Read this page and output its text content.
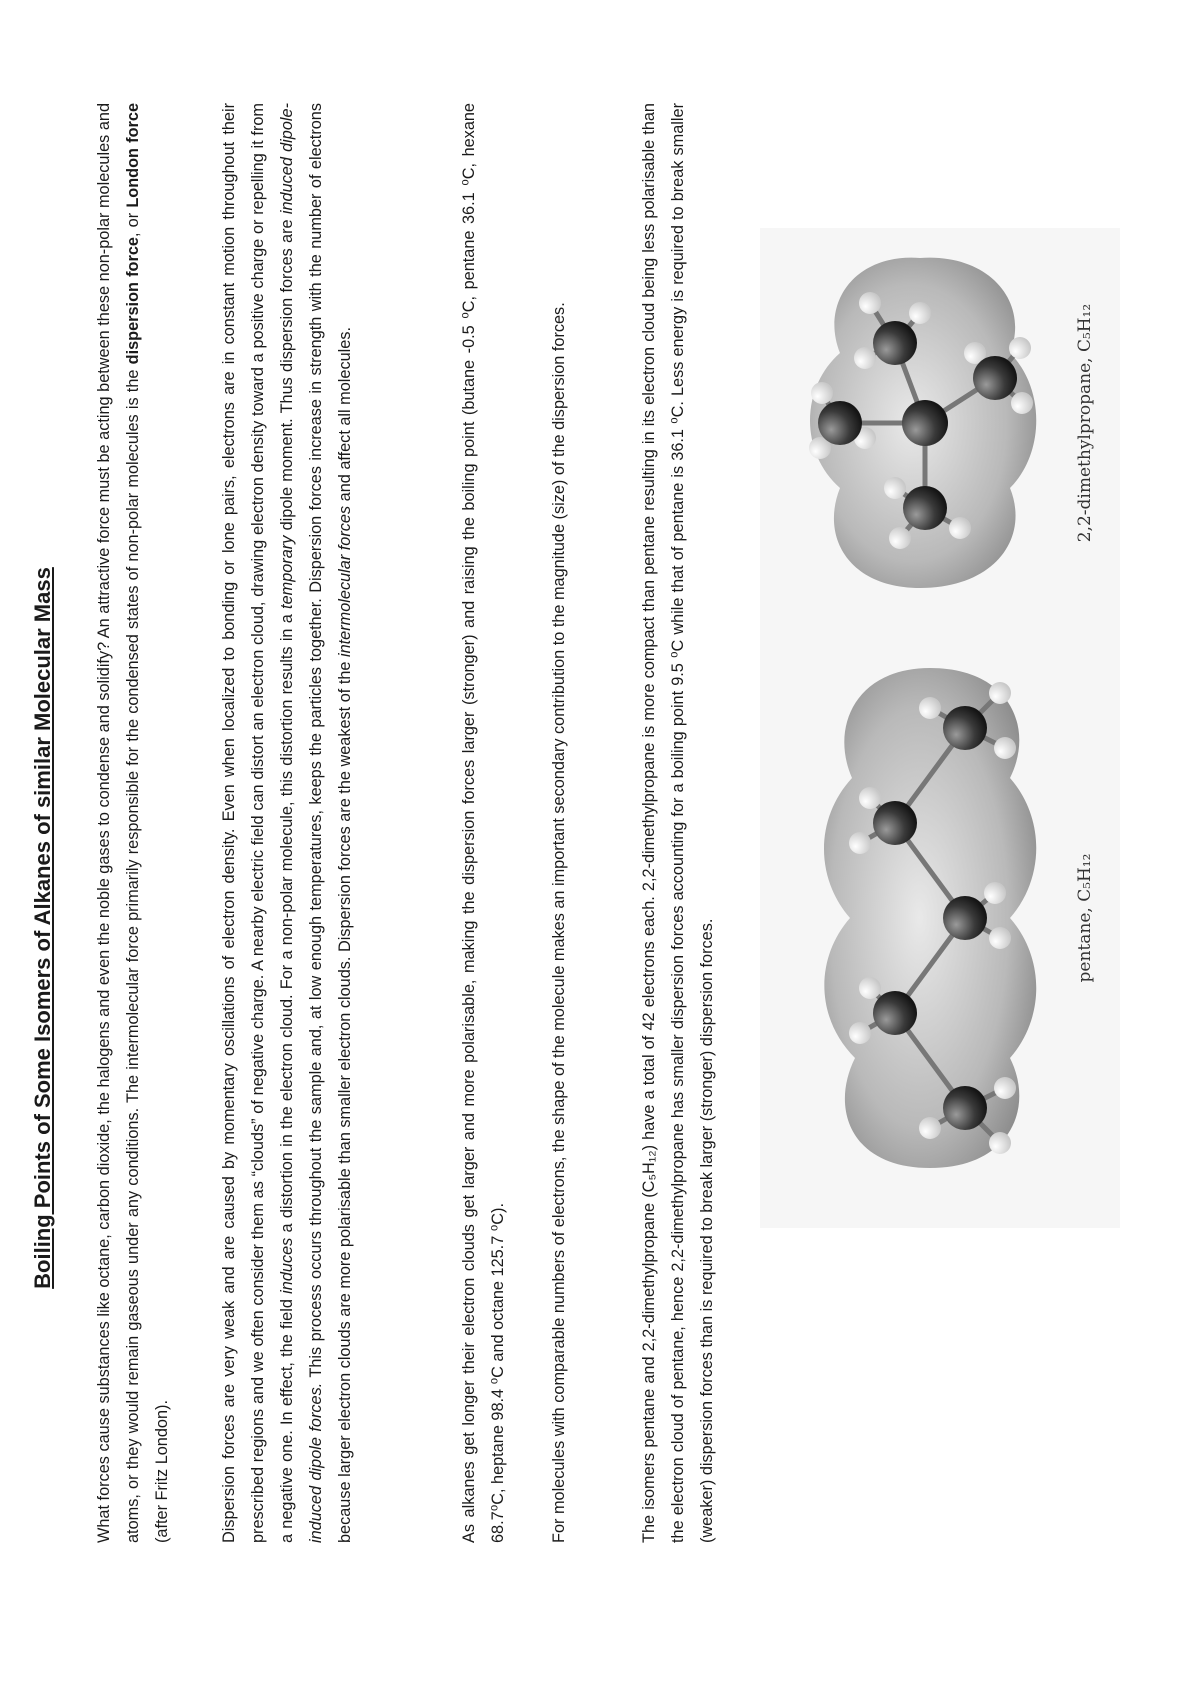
Boiling Points of Some Isomers of Alkanes of similar Molecular Mass	What forces cause substances like octane, carbon dioxide, the halogens and even the noble gases to condense and solidify? An attractive force must be acting between these non-polar molecules and atoms, or they would remain gaseous under any conditions. The intermolecular force primarily responsible for the condensed states of non-polar molecules is the dispersion force, or London force (after Fritz London).	Dispersion forces are very weak and are caused by momentary oscillations of electron density. Even when localized to bonding or lone pairs, electrons are in constant motion throughout their prescribed regions and we often consider them as “clouds” of negative charge. A nearby electric field can distort an electron cloud, drawing electron density toward a positive charge or repelling it from a negative one. In effect, the field induces a distortion in the electron cloud. For a non-polar molecule, this distortion results in a temporary dipole moment. Thus dispersion forces are induced dipole-induced dipole forces. This process occurs throughout the sample and, at low enough temperatures, keeps the particles together. Dispersion forces increase in strength with the number of electrons because larger electron clouds are more polarisable than smaller electron clouds. Dispersion forces are the weakest of the intermolecular forces and affect all molecules.	As alkanes get longer their electron clouds get larger and more polarisable, making the dispersion forces larger (stronger) and raising the boiling point (butane -0.5 ⁰C, pentane 36.1 ⁰C, hexane 68.7⁰C, heptane 98.4 ⁰C and octane 125.7 ⁰C).	For molecules with comparable numbers of electrons, the shape of the molecule makes an important secondary contribution to the magnitude (size) of the dispersion forces.	The isomers pentane and 2,2-dimethylpropane (C₅H₁₂) have a total of 42 electrons each. 2,2-dimethylpropane is more compact than pentane resulting in its electron cloud being less polarisable than the electron cloud of pentane, hence 2,2-dimethylpropane has smaller dispersion forces accounting for a boiling point 9.5 ⁰C while that of pentane is 36.1 ⁰C. Less energy is required to break smaller (weaker) dispersion forces than is required to break larger (stronger) dispersion forces.

pentane, C₅H₁₂
2,2-dimethylpropane, C₅H₁₂
